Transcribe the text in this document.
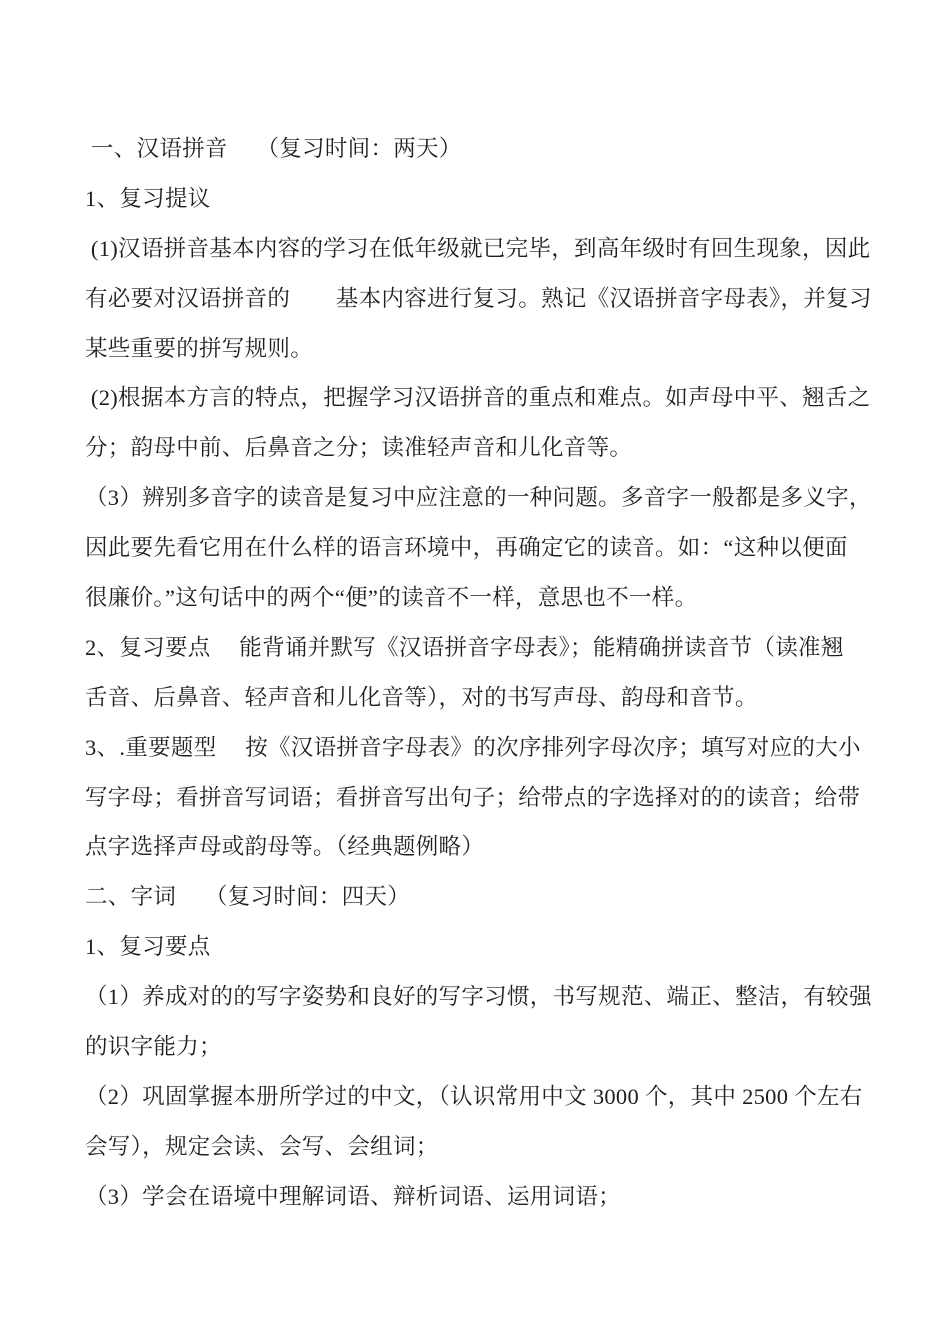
一、汉语拼音　 （复习时间：两天）
1、复习提议
(1)汉语拼音基本内容的学习在低年级就已完毕，到高年级时有回生现象，因此
有必要对汉语拼音的　　基本内容进行复习。熟记《汉语拼音字母表》，并复习
某些重要的拼写规则。
(2)根据本方言的特点，把握学习汉语拼音的重点和难点。如声母中平、翘舌之
分；韵母中前、后鼻音之分；读准轻声音和儿化音等。
（3）辨别多音字的读音是复习中应注意的一种问题。多音字一般都是多义字，
因此要先看它用在什么样的语言环境中，再确定它的读音。如：“这种以便面
很廉价。”这句话中的两个“便”的读音不一样，意思也不一样。
2、复习要点　 能背诵并默写《汉语拼音字母表》；能精确拼读音节（读准翘
舌音、后鼻音、轻声音和儿化音等），对的书写声母、韵母和音节。
3、.重要题型　 按《汉语拼音字母表》的次序排列字母次序；填写对应的大小
写字母；看拼音写词语；看拼音写出句子；给带点的字选择对的的读音；给带
点字选择声母或韵母等。（经典题例略）
二、字词　 （复习时间：四天）
1、复习要点
（1）养成对的的写字姿势和良好的写字习惯，书写规范、端正、整洁，有较强
的识字能力；
（2）巩固掌握本册所学过的中文，（认识常用中文 3000 个，其中 2500 个左右
会写），规定会读、会写、会组词；
（3）学会在语境中理解词语、辩析词语、运用词语；
